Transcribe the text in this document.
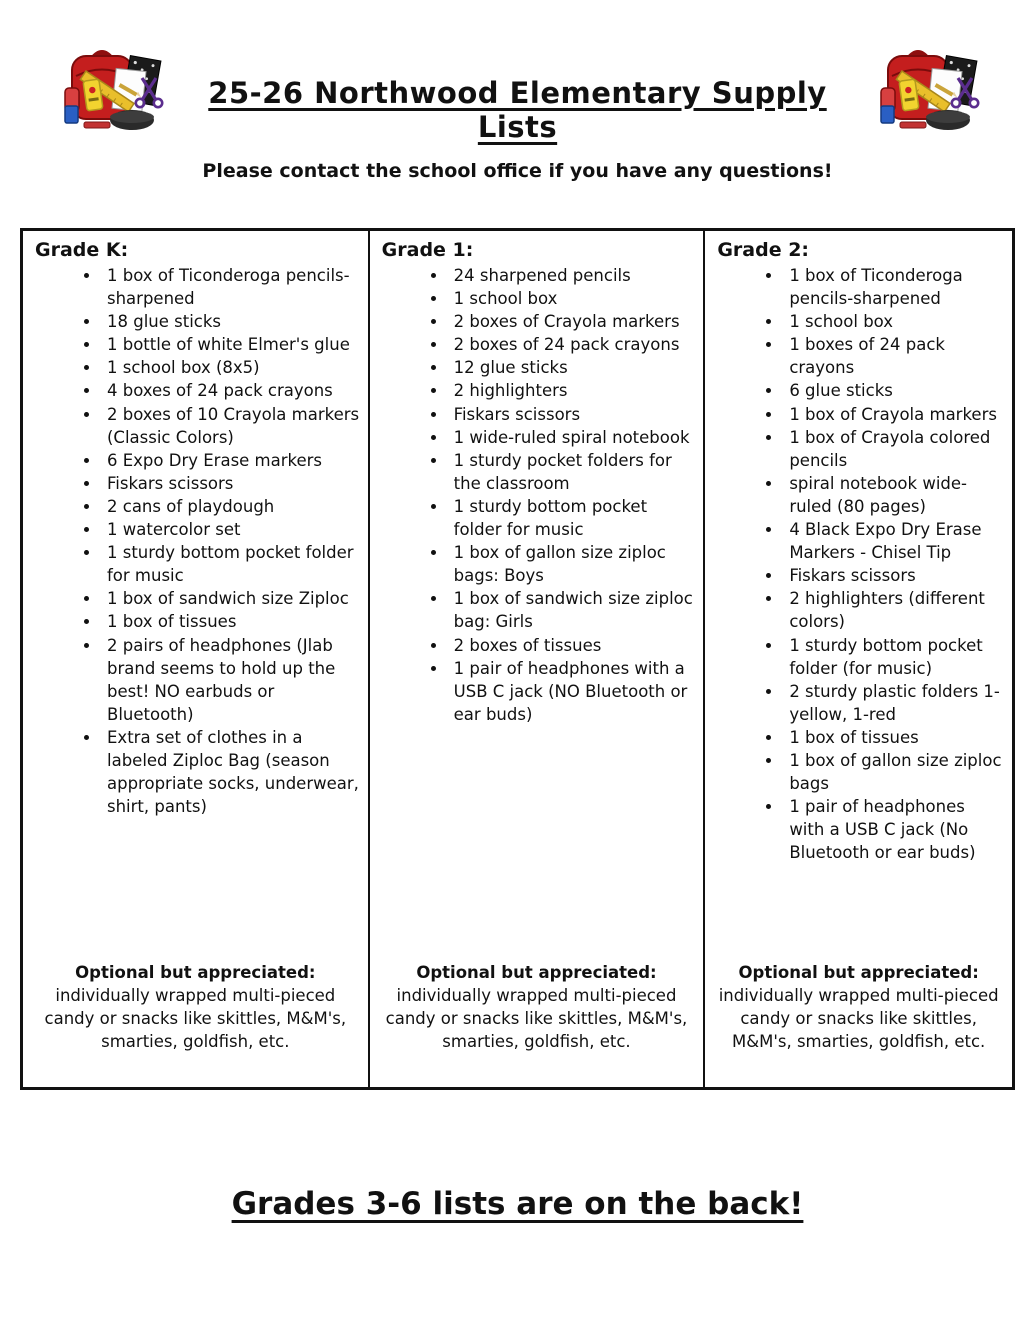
25-26 Northwood Elementary Supply Lists
Please contact the school office if you have any questions!
Grade K:
• 1 box of Ticonderoga pencils-sharpened
• 18 glue sticks
• 1 bottle of white Elmer's glue
• 1 school box (8x5)
• 4 boxes of 24 pack crayons
• 2 boxes of 10 Crayola markers (Classic Colors)
• 6 Expo Dry Erase markers
• Fiskars scissors
• 2 cans of playdough
• 1 watercolor set
• 1 sturdy bottom pocket folder for music
• 1 box of sandwich size Ziploc
• 1 box of tissues
• 2 pairs of headphones (Jlab brand seems to hold up the best! NO earbuds or Bluetooth)
• Extra set of clothes in a labeled Ziploc Bag (season appropriate socks, underwear, shirt, pants)
Optional but appreciated:
individually wrapped multi-pieced candy or snacks like skittles, M&M's, smarties, goldfish, etc.
Grade 1:
• 24 sharpened pencils
• 1 school box
• 2 boxes of Crayola markers
• 2 boxes of 24 pack crayons
• 12 glue sticks
• 2 highlighters
• Fiskars scissors
• 1 wide-ruled spiral notebook
• 1 sturdy pocket folders for the classroom
• 1 sturdy bottom pocket folder for music
• 1 box of gallon size ziploc bags: Boys
• 1 box of sandwich size ziploc bag: Girls
• 2 boxes of tissues
• 1 pair of headphones with a USB C jack (NO Bluetooth or ear buds)
Optional but appreciated:
individually wrapped multi-pieced candy or snacks like skittles, M&M's, smarties, goldfish, etc.
Grade 2:
• 1 box of Ticonderoga pencils-sharpened
• 1 school box
• 1 boxes of 24 pack crayons
• 6 glue sticks
• 1 box of Crayola markers
• 1 box of Crayola colored pencils
• spiral notebook wide-ruled (80 pages)
• 4 Black Expo Dry Erase Markers - Chisel Tip
• Fiskars scissors
• 2 highlighters (different colors)
• 1 sturdy bottom pocket folder (for music)
• 2 sturdy plastic folders 1-yellow, 1-red
• 1 box of tissues
• 1 box of gallon size ziploc bags
• 1 pair of headphones with a USB C jack (No Bluetooth or ear buds)
Optional but appreciated:
individually wrapped multi-pieced candy or snacks like skittles, M&M's, smarties, goldfish, etc.
Grades 3-6 lists are on the back!
